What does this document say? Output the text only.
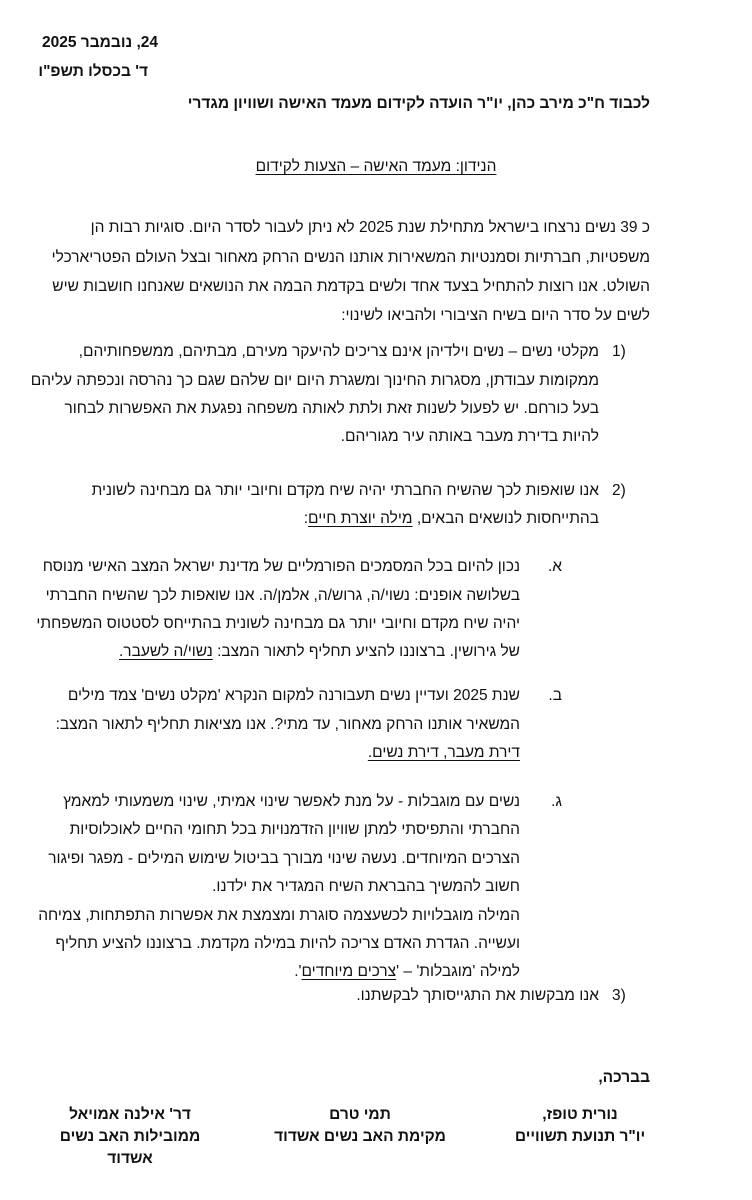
24, נובמבר 2025
ד' בכסלו תשפ"ו
לכבוד ח"כ מירב כהן, יו"ר הועדה לקידום מעמד האישה ושוויון מגדרי
הנידון: מעמד האישה – הצעות לקידום
כ 39 נשים נרצחו בישראל מתחילת שנת 2025 לא ניתן לעבור לסדר היום. סוגיות רבות הן
משפטיות, חברתיות וסמנטיות המשאירות אותנו הנשים הרחק מאחור ובצל העולם הפטריארכלי
השולט. אנו רוצות להתחיל בצעד אחד ולשים בקדמת הבמה את הנושאים שאנחנו חושבות שיש
לשים על סדר היום בשיח הציבורי ולהביאו לשינוי:
1)
מקלטי נשים – נשים וילדיהן אינם צריכים להיעקר מעירם, מבתיהם, ממשפחותיהם,
ממקומות עבודתן, מסגרות החינוך ומשגרת היום יום שלהם שגם כך נהרסה ונכפתה עליהם
בעל כורחם. יש לפעול לשנות זאת ולתת לאותה משפחה נפגעת את האפשרות לבחור
להיות בדירת מעבר באותה עיר מגוריהם.
2)
אנו שואפות לכך שהשיח החברתי יהיה שיח מקדם וחיובי יותר גם מבחינה לשונית
בהתייחסות לנושאים הבאים, מילה יוצרת חיים:
א.
נכון להיום בכל המסמכים הפורמליים של מדינת ישראל המצב האישי מנוסח
בשלושה אופנים: נשוי/ה, גרוש/ה, אלמן/ה. אנו שואפות לכך שהשיח החברתי
יהיה שיח מקדם וחיובי יותר גם מבחינה לשונית בהתייחס לסטטוס המשפחתי
של גירושין. ברצוננו להציע תחליף לתאור המצב: נשוי/ה לשעבר.
ב.
שנת 2025 ועדיין נשים תעבורנה למקום הנקרא 'מקלט נשים' צמד מילים
המשאיר אותנו הרחק מאחור, עד מתי?. אנו מציאות תחליף לתאור המצב:
דירת מעבר, דירת נשים.
ג.
נשים עם מוגבלות - על מנת לאפשר שינוי אמיתי, שינוי משמעותי למאמץ
החברתי והתפיסתי למתן שוויון הזדמנויות בכל תחומי החיים לאוכלוסיות
הצרכים המיוחדים. נעשה שינוי מבורך בביטול שימוש המילים - מפגר ופיגור
חשוב להמשיך בהבראת השיח המגדיר את ילדנו.
המילה מוגבלויות לכשעצמה סוגרת ומצמצת את אפשרות התפתחות, צמיחה
ועשייה. הגדרת האדם צריכה להיות במילה מקדמת. ברצוננו להציע תחליף
למילה 'מוגבלות' – 'צרכים מיוחדים'.
3)
אנו מבקשות את התגייסותך לבקשתנו.
בברכה,
נורית טופז,
יו"ר תנועת תשוויים
תמי טרם
מקימת האב נשים אשדוד
דר' אילנה אמויאל
ממובילות האב נשים אשדוד
